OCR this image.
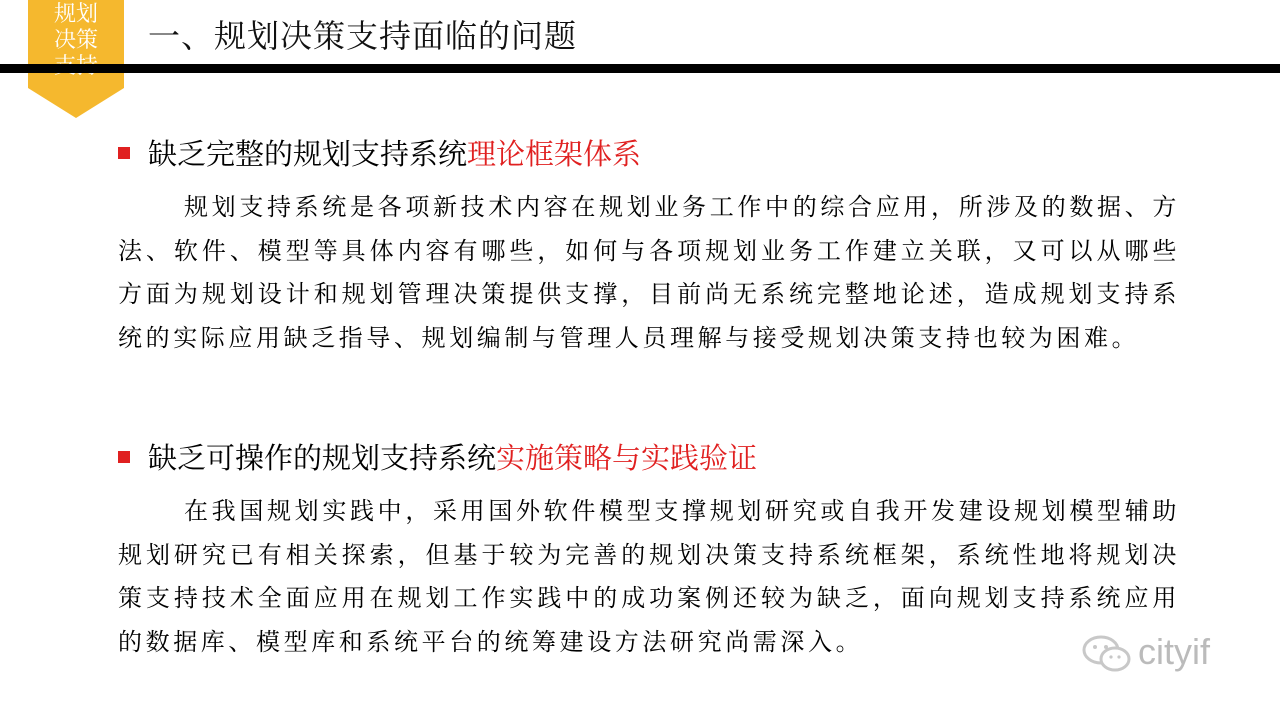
规划
决策	一、规划决策支持面临的问题
缺乏完整的规划支持系统理论框架体系
规划支持系统是各项新技术内容在规划业务工作中的综合应用，所涉及的数据、方法、软件、模型等具体内容有哪些，如何与各项规划业务工作建立关联，又可以从哪些方面为规划设计和规划管理决策提供支撑，目前尚无系统完整地论述，造成规划支持系统的实际应用缺乏指导、规划编制与管理人员理解与接受规划决策支持也较为困难。
缺乏可操作的规划支持系统实施策略与实践验证
在我国规划实践中，采用国外软件模型支撑规划研究或自我开发建设规划模型辅助规划研究已有相关探索，但基于较为完善的规划决策支持系统框架，系统性地将规划决策支持技术全面应用在规划工作实践中的成功案例还较为缺乏，面向规划支持系统应用的数据库、模型库和系统平台的统筹建设方法研究尚需深入。	cityif
